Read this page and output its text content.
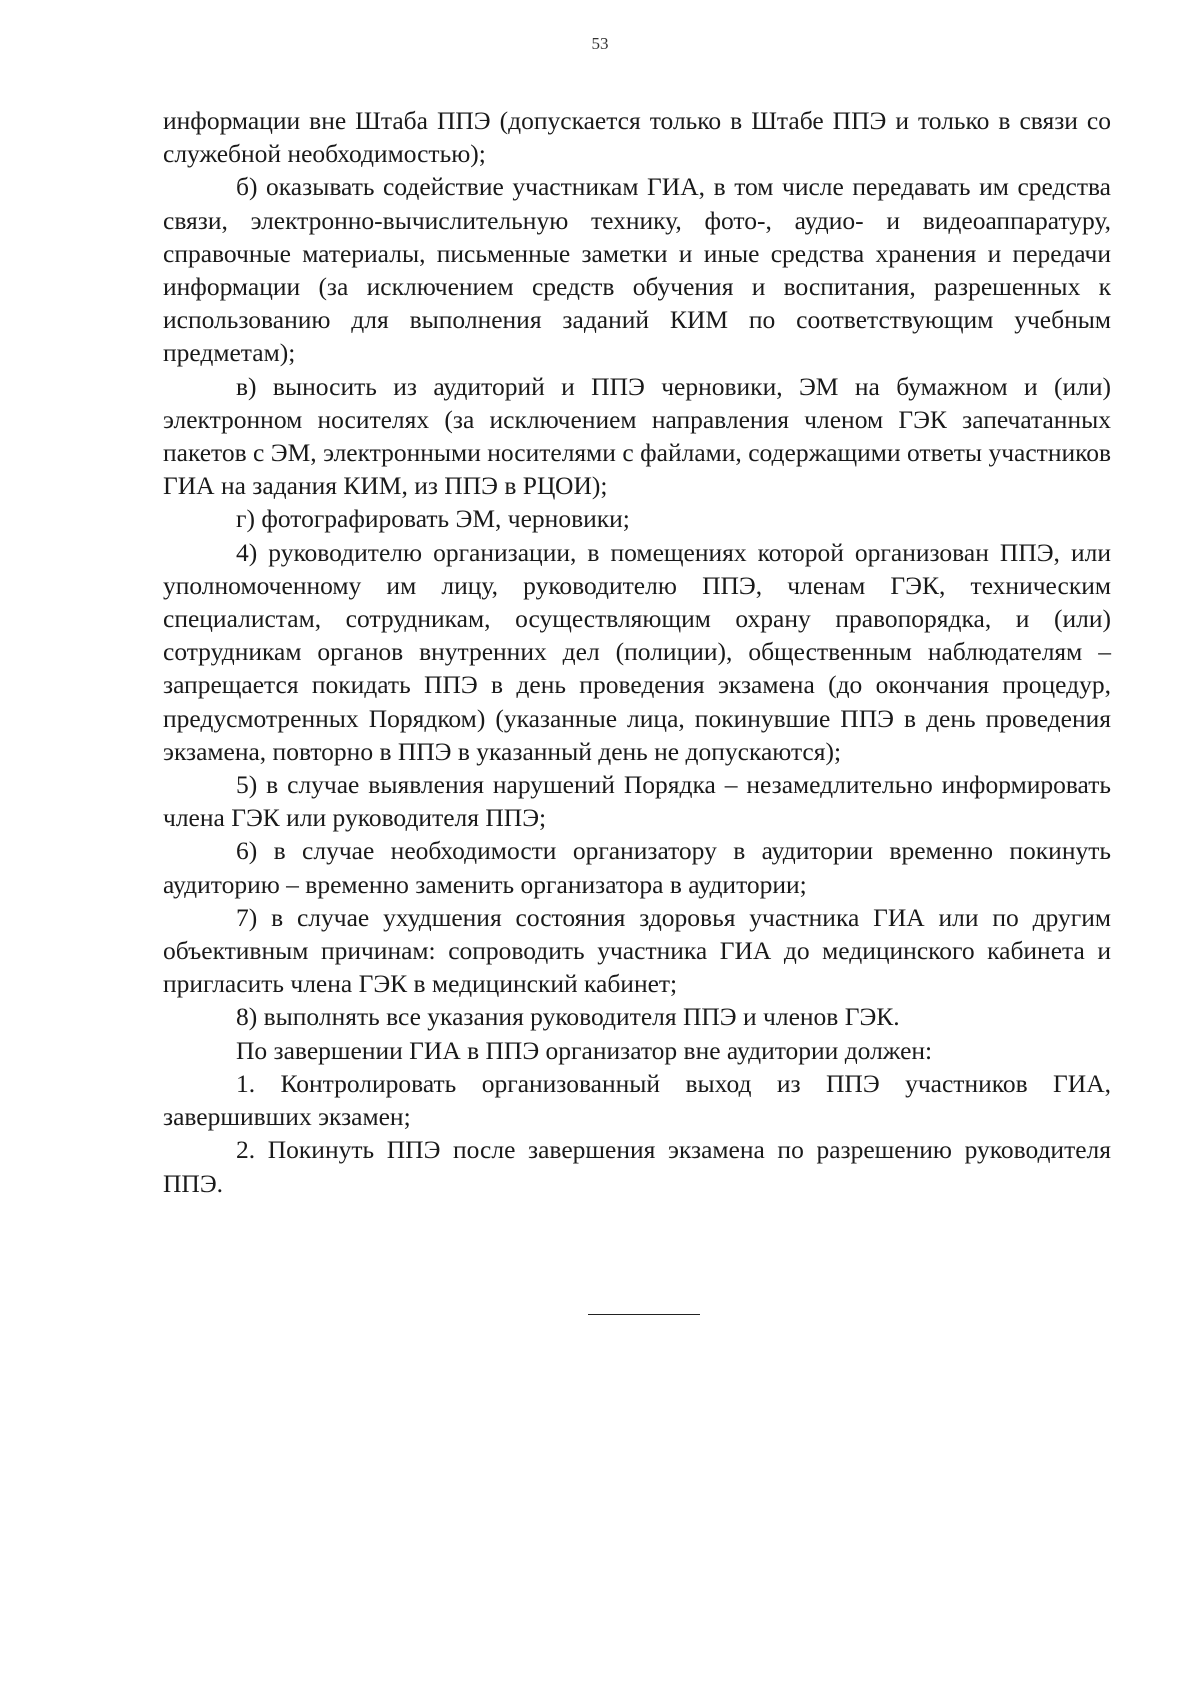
53

информации вне Штаба ППЭ (допускается только в Штабе ППЭ и только в связи со служебной необходимостью);

б) оказывать содействие участникам ГИА, в том числе передавать им средства связи, электронно-вычислительную технику, фото-, аудио- и видеоаппаратуру, справочные материалы, письменные заметки и иные средства хранения и передачи информации (за исключением средств обучения и воспитания, разрешенных к использованию для выполнения заданий КИМ по соответствующим учебным предметам);

в) выносить из аудиторий и ППЭ черновики, ЭМ на бумажном и (или) электронном носителях (за исключением направления членом ГЭК запечатанных пакетов с ЭМ, электронными носителями с файлами, содержащими ответы участников ГИА на задания КИМ, из ППЭ в РЦОИ);

г) фотографировать ЭМ, черновики;

4) руководителю организации, в помещениях которой организован ППЭ, или уполномоченному им лицу, руководителю ППЭ, членам ГЭК, техническим специалистам, сотрудникам, осуществляющим охрану правопорядка, и (или) сотрудникам органов внутренних дел (полиции), общественным наблюдателям – запрещается покидать ППЭ в день проведения экзамена (до окончания процедур, предусмотренных Порядком) (указанные лица, покинувшие ППЭ в день проведения экзамена, повторно в ППЭ в указанный день не допускаются);

5) в случае выявления нарушений Порядка – незамедлительно информировать члена ГЭК или руководителя ППЭ;

6) в случае необходимости организатору в аудитории временно покинуть аудиторию – временно заменить организатора в аудитории;

7) в случае ухудшения состояния здоровья участника ГИА или по другим объективным причинам: сопроводить участника ГИА до медицинского кабинета и пригласить члена ГЭК в медицинский кабинет;

8) выполнять все указания руководителя ППЭ и членов ГЭК.

По завершении ГИА в ППЭ организатор вне аудитории должен:

1. Контролировать организованный выход из ППЭ участников ГИА, завершивших экзамен;

2. Покинуть ППЭ после завершения экзамена по разрешению руководителя ППЭ.
